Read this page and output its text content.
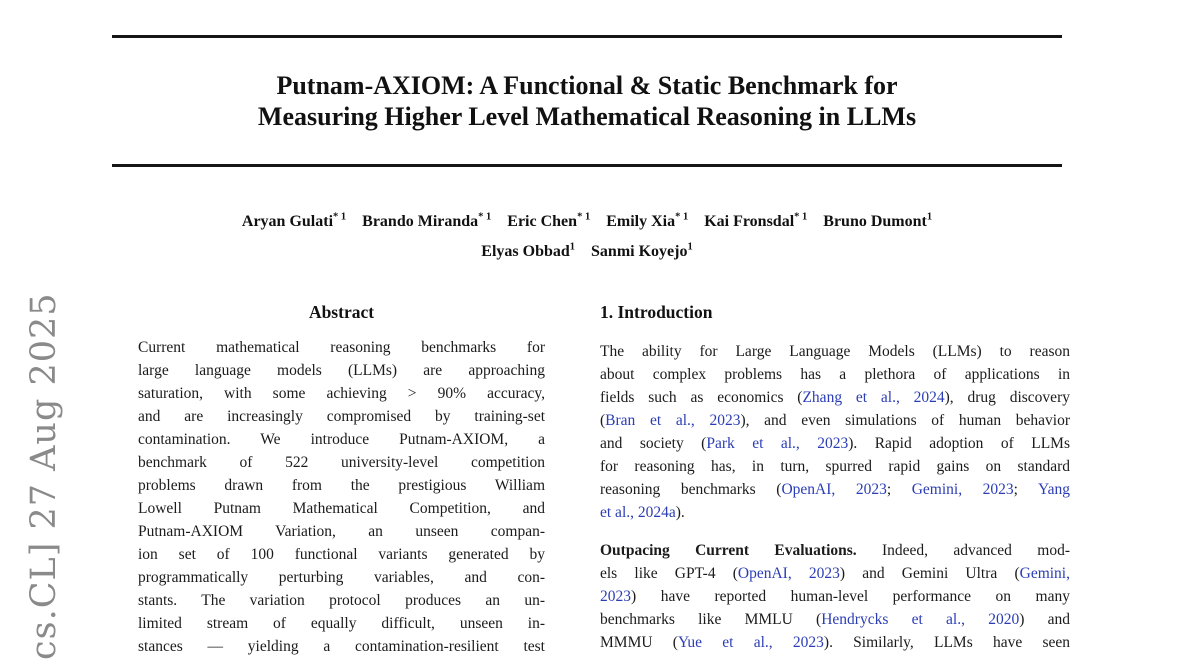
Putnam-AXIOM: A Functional & Static Benchmark for
Measuring Higher Level Mathematical Reasoning in LLMs
Aryan Gulati$^{* 1}$ Brando Miranda$^{* 1}$ Eric Chen$^{* 1}$ Emily Xia$^{* 1}$ Kai Fronsdal$^{* 1}$ Bruno Dumont$^1$
Elyas Obbad$^1$ Sanmi Koyejo$^1$
Abstract
Current mathematical reasoning benchmarks for
large language models (LLMs) are approaching
saturation, with some achieving > 90% accuracy,
and are increasingly compromised by training-set
contamination. We introduce Putnam-AXIOM, a
benchmark of 522 university-level competition
problems drawn from the prestigious William
Lowell Putnam Mathematical Competition, and
Putnam-AXIOM Variation, an unseen compan-
ion set of 100 functional variants generated by
programmatically perturbing variables, and con-
stants. The variation protocol produces an un-
limited stream of equally difficult, unseen in-
stances — yielding a contamination-resilient test
1. Introduction
The ability for Large Language Models (LLMs) to reason
about complex problems has a plethora of applications in
fields such as economics (Zhang et al., 2024), drug discovery
(Bran et al., 2023), and even simulations of human behavior
and society (Park et al., 2023). Rapid adoption of LLMs
for reasoning has, in turn, spurred rapid gains on standard
reasoning benchmarks (OpenAI, 2023; Gemini, 2023; Yang
et al., 2024a).
Outpacing Current Evaluations. Indeed, advanced mod-
els like GPT-4 (OpenAI, 2023) and Gemini Ultra (Gemini,
2023) have reported human-level performance on many
benchmarks like MMLU (Hendrycks et al., 2020) and
MMMU (Yue et al., 2023). Similarly, LLMs have seen
cs.CL] 27 Aug 2025
